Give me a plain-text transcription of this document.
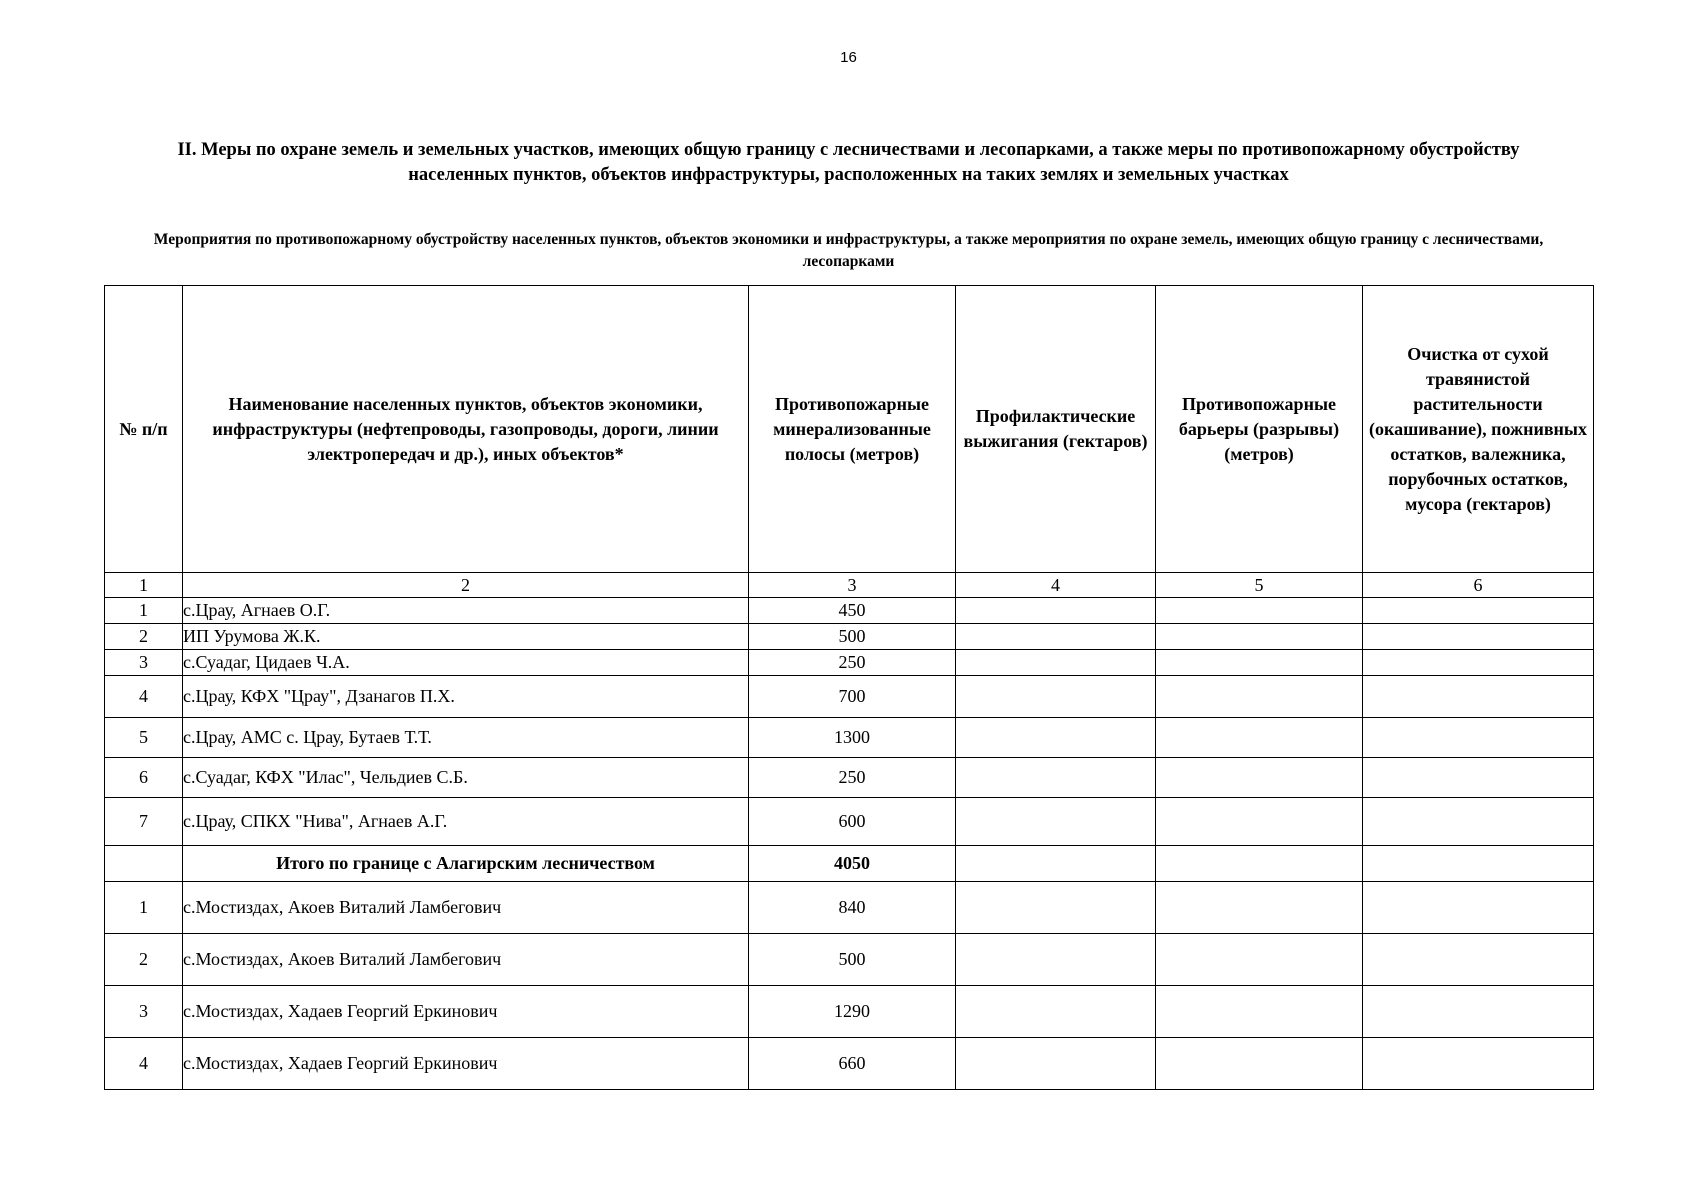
16
II. Меры по охране земель и земельных участков, имеющих общую границу с лесничествами и лесопарками, а также меры по противопожарному обустройству населенных пунктов, объектов инфраструктуры, расположенных на таких землях и земельных участках
Мероприятия по противопожарному обустройству населенных пунктов, объектов экономики и инфраструктуры, а также мероприятия по охране земель, имеющих общую границу с лесничествами, лесопарками
№ п/п	Наименование населенных пунктов, объектов экономики, инфраструктуры (нефтепроводы, газопроводы, дороги, линии электропередач и др.), иных объектов*	Противопожарные минерализованные полосы (метров)	Профилактические выжигания (гектаров)	Противопожарные барьеры (разрывы) (метров)	Очистка от сухой травянистой растительности (окашивание), пожнивных остатков, валежника, порубочных остатков, мусора (гектаров)
1	2	3	4	5	6
1	с.Црау, Агнаев О.Г.	450			
2	ИП Урумова Ж.К.	500			
3	с.Суадаг, Цидаев Ч.А.	250			
4	с.Црау, КФХ "Црау", Дзанагов П.Х.	700			
5	с.Црау, АМС с. Црау, Бутаев Т.Т.	1300			
6	с.Суадаг, КФХ "Илас", Чельдиев С.Б.	250			
7	с.Црау, СПКХ "Нива", Агнаев А.Г.	600			
	Итого по границе с Алагирским лесничеством	4050			
1	с.Мостиздах, Акоев Виталий Ламбегович	840			
2	с.Мостиздах, Акоев Виталий Ламбегович	500			
3	с.Мостиздах, Хадаев Георгий Еркинович	1290			
4	с.Мостиздах, Хадаев Георгий Еркинович	660			
